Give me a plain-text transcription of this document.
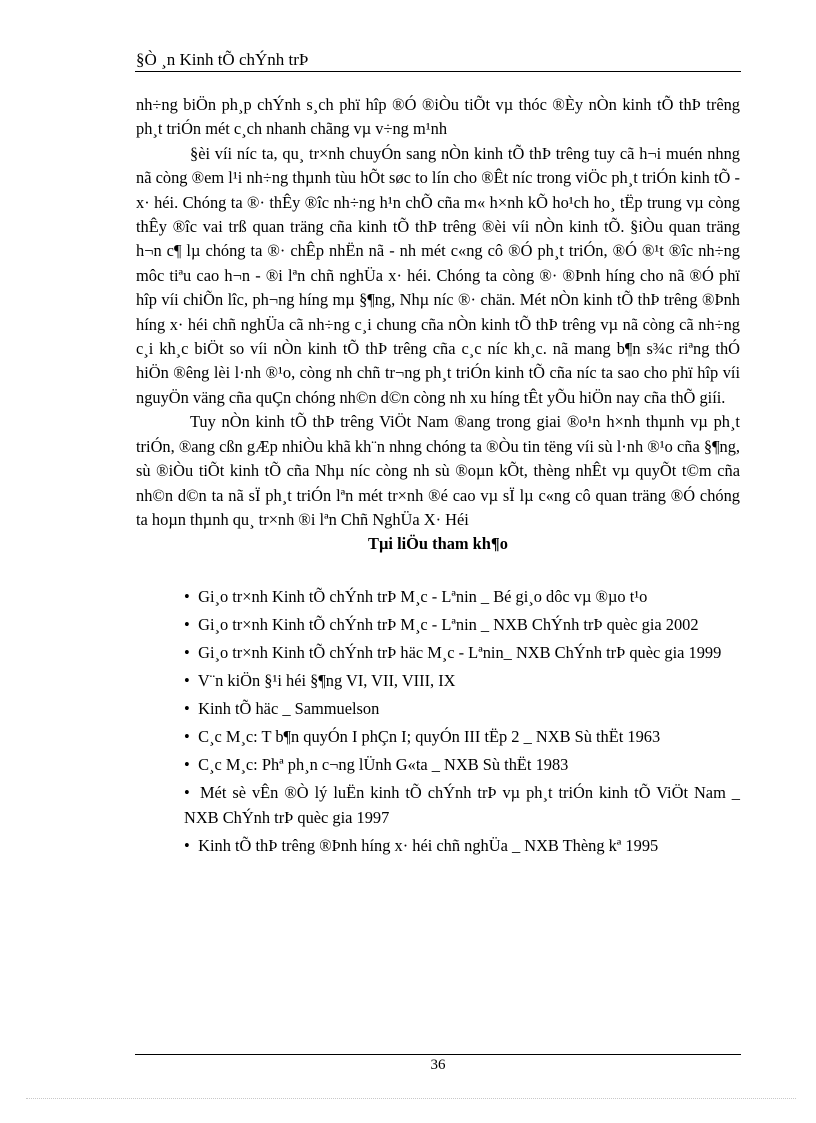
§Ò ¸n Kinh tÕ chÝnh trÞ

nh÷ng biÖn ph¸p chÝnh s¸ch phï hîp ®Ó ®iÒu tiÕt vµ thóc ®Èy nÒn kinh tÕ thÞ trêng ph¸t triÓn mét c¸ch nhanh chãng vµ v÷ng m¹nh

§èi víi níc ta, qu¸ tr×nh chuyÓn sang nÒn kinh tÕ thÞ trêng tuy cã h¬i muén nhng nã còng ®em l¹i nh÷ng thµnh tùu hÕt søc to lín cho ®Êt níc trong viÖc ph¸t triÓn kinh tÕ - x· héi. Chóng ta ®· thÊy ®îc nh÷ng h¹n chÕ cña m« h×nh kÕ ho¹ch ho¸ tËp trung vµ còng thÊy ®îc vai trß quan träng cña kinh tÕ thÞ trêng ®èi víi nÒn kinh tÕ. §iÒu quan träng h¬n c¶ lµ chóng ta ®· chÊp nhËn nã - nh mét c«ng cô ®Ó ph¸t triÓn, ®Ó ®¹t ®îc nh÷ng môc tiªu cao h¬n - ®i lªn chñ nghÜa x· héi. Chóng ta còng ®· ®Þnh híng cho nã ®Ó phï hîp víi chiÕn lîc, ph¬ng híng mµ §¶ng, Nhµ níc ®· chän. Mét nÒn kinh tÕ thÞ trêng ®Þnh híng x· héi chñ nghÜa cã nh÷ng c¸i chung cña nÒn kinh tÕ thÞ trêng vµ nã còng cã nh÷ng c¸i kh¸c biÖt so víi nÒn kinh tÕ thÞ trêng cña c¸c níc kh¸c. nã mang b¶n s¾c riªng thÓ hiÖn ®êng lèi l·nh ®¹o, còng nh chñ tr¬ng ph¸t triÓn kinh tÕ cña níc ta sao cho phï hîp víi nguyÖn väng cña quÇn chóng nh©n d©n còng nh xu híng tÊt yÕu hiÖn nay cña thÕ giíi.

Tuy nÒn kinh tÕ thÞ trêng ViÖt Nam ®ang trong giai ®o¹n h×nh thµnh vµ ph¸t triÓn, ®ang cßn gÆp nhiÒu khã kh¨n nhng chóng ta ®Òu tin tëng víi sù l·nh ®¹o cña §¶ng, sù ®iÒu tiÕt kinh tÕ cña Nhµ níc còng nh sù ®oµn kÕt, thèng nhÊt vµ quyÕt t©m cña nh©n d©n ta nã sÏ ph¸t triÓn lªn mét tr×nh ®é cao vµ sÏ lµ c«ng cô quan träng ®Ó chóng ta hoµn thµnh qu¸ tr×nh ®i lªn Chñ NghÜa X· Héi

Tµi liÖu tham kh¶o

• Gi¸o tr×nh Kinh tÕ chÝnh trÞ M¸c - Lªnin _ Bé gi¸o dôc vµ ®µo t¹o
• Gi¸o tr×nh Kinh tÕ chÝnh trÞ M¸c - Lªnin _ NXB ChÝnh trÞ quèc gia 2002
• Gi¸o tr×nh Kinh tÕ chÝnh trÞ häc M¸c - Lªnin_ NXB ChÝnh trÞ quèc gia 1999
• V¨n kiÖn §¹i héi §¶ng VI, VII, VIII, IX
• Kinh tÕ häc _ Sammuelson
• C¸c M¸c: T b¶n quyÓn I phÇn I; quyÓn III tËp 2 _ NXB Sù thËt 1963
• C¸c M¸c: Phª ph¸n c¬ng lÜnh G«ta _ NXB Sù thËt 1983
• Mét sè vÊn ®Ò lý luËn kinh tÕ chÝnh trÞ vµ ph¸t triÓn kinh tÕ ViÖt Nam _ NXB ChÝnh trÞ quèc gia 1997
• Kinh tÕ thÞ trêng ®Þnh híng x· héi chñ nghÜa _ NXB Thèng kª 1995
36
